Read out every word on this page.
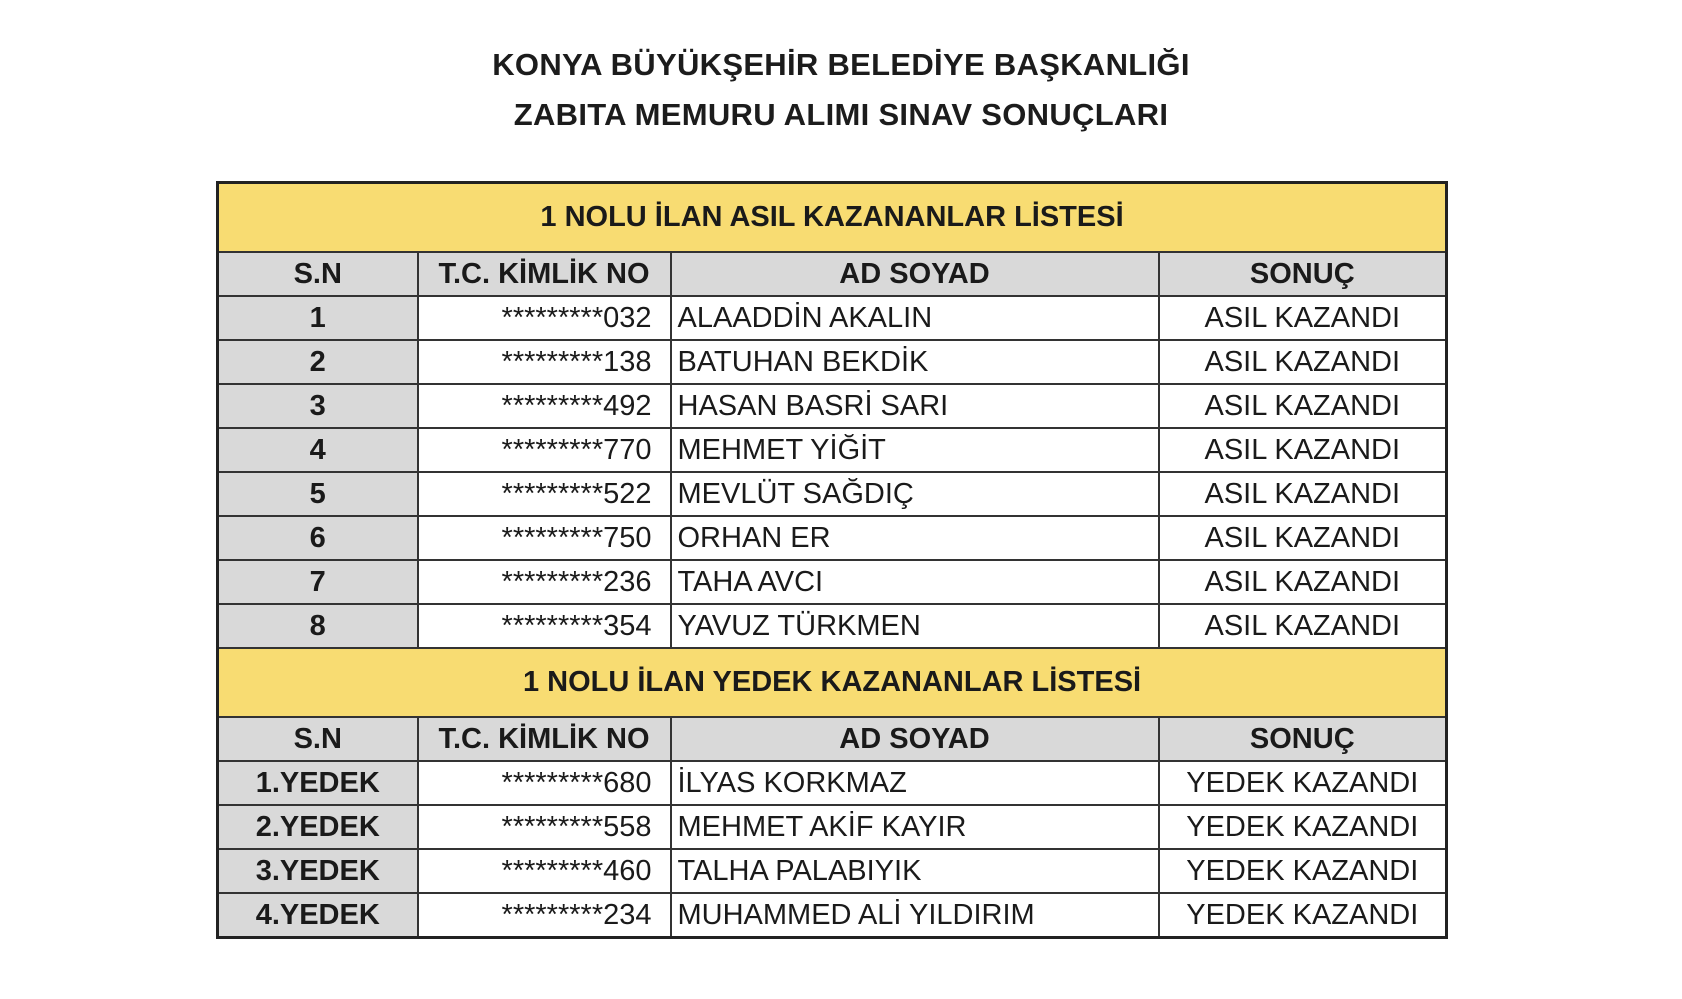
KONYA BÜYÜKŞEHİR BELEDİYE BAŞKANLIĞI
ZABITA MEMURU ALIMI SINAV SONUÇLARI
1 NOLU İLAN ASIL KAZANANLAR LİSTESİ			
S.N	T.C. KİMLİK NO	AD SOYAD	SONUÇ
1	*********032	ALAADDİN AKALIN	ASIL KAZANDI
2	*********138	BATUHAN BEKDİK	ASIL KAZANDI
3	*********492	HASAN BASRİ SARI	ASIL KAZANDI
4	*********770	MEHMET YİĞİT	ASIL KAZANDI
5	*********522	MEVLÜT SAĞDIÇ	ASIL KAZANDI
6	*********750	ORHAN ER	ASIL KAZANDI
7	*********236	TAHA AVCI	ASIL KAZANDI
8	*********354	YAVUZ TÜRKMEN	ASIL KAZANDI
1 NOLU İLAN YEDEK KAZANANLAR LİSTESİ			
S.N	T.C. KİMLİK NO	AD SOYAD	SONUÇ
1.YEDEK	*********680	İLYAS KORKMAZ	YEDEK KAZANDI
2.YEDEK	*********558	MEHMET AKİF KAYIR	YEDEK KAZANDI
3.YEDEK	*********460	TALHA PALABIYIK	YEDEK KAZANDI
4.YEDEK	*********234	MUHAMMED ALİ YILDIRIM	YEDEK KAZANDI
